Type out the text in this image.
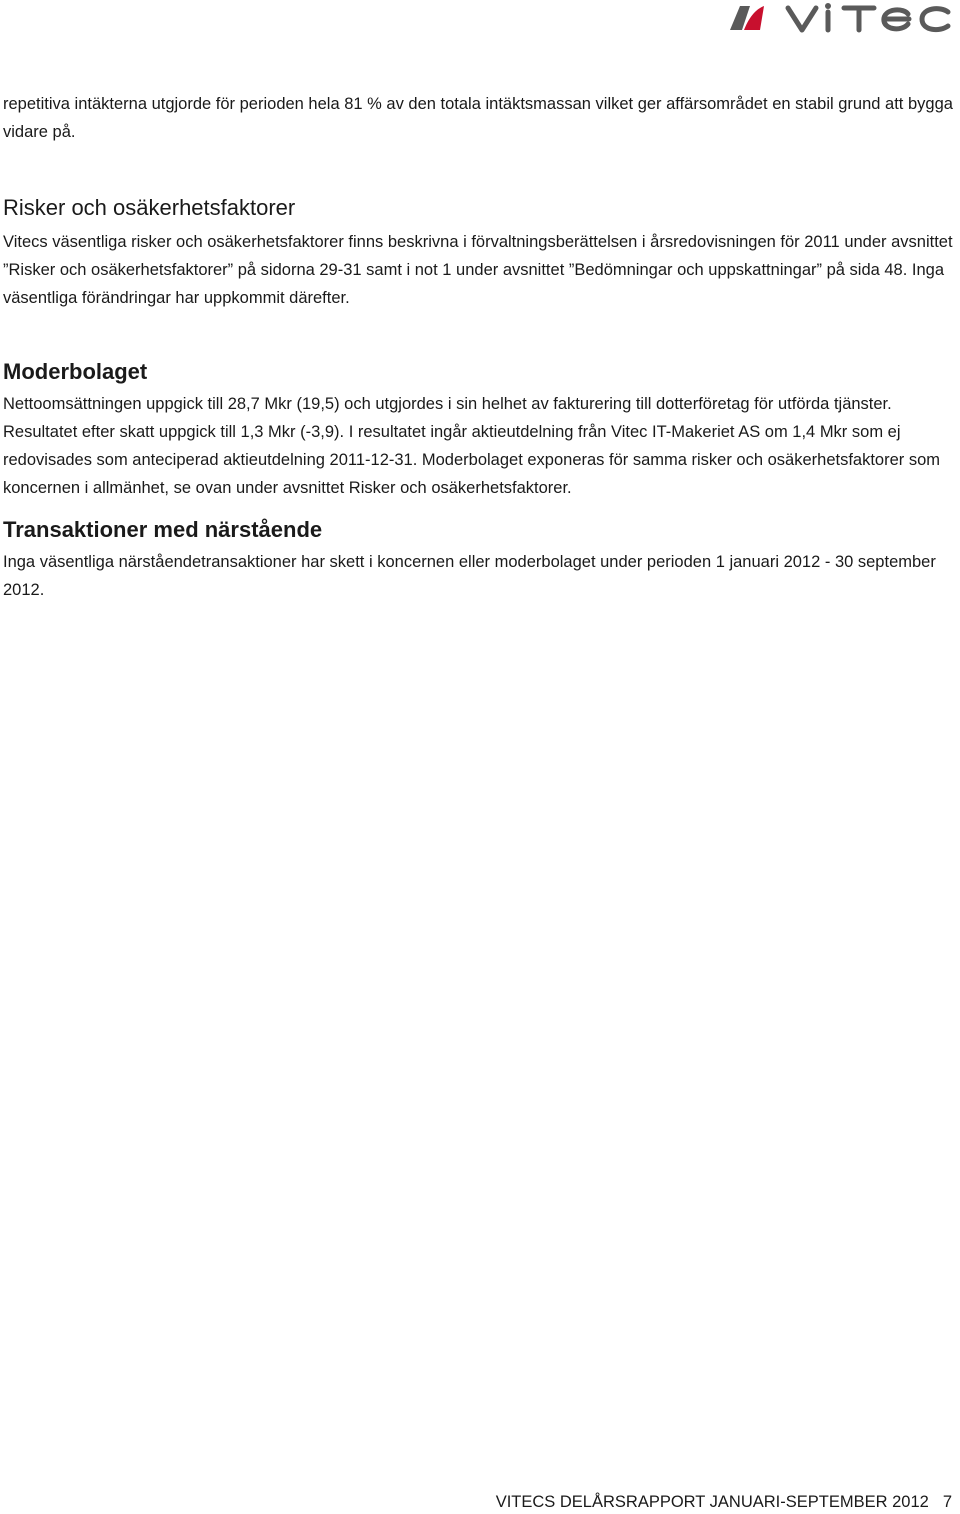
repetitiva intäkterna utgjorde för perioden hela 81 % av den totala intäktsmassan vilket ger affärsområdet en stabil grund att bygga vidare på.

Risker och osäkerhetsfaktorer

Vitecs väsentliga risker och osäkerhetsfaktorer finns beskrivna i förvaltningsberättelsen i årsredovisningen för 2011 under avsnittet ”Risker och osäkerhetsfaktorer” på sidorna 29-31 samt i not 1 under avsnittet ”Bedömningar och uppskattningar” på sida 48. Inga väsentliga förändringar har uppkommit därefter.

Moderbolaget

Nettoomsättningen uppgick till 28,7 Mkr (19,5) och utgjordes i sin helhet av fakturering till dotterföretag för utförda tjänster. Resultatet efter skatt uppgick till 1,3 Mkr (-3,9). I resultatet ingår aktieutdelning från Vitec IT-Makeriet AS om 1,4 Mkr som ej redovisades som anteciperad aktieutdelning 2011-12-31. Moderbolaget exponeras för samma risker och osäkerhetsfaktorer som koncernen i allmänhet, se ovan under avsnittet Risker och osäkerhetsfaktorer.

Transaktioner med närstående

Inga väsentliga närståendetransaktioner har skett i koncernen eller moderbolaget under perioden 1 januari 2012 - 30 september 2012.

VITECS DELÅRSRAPPORT JANUARI-SEPTEMBER 2012 7
